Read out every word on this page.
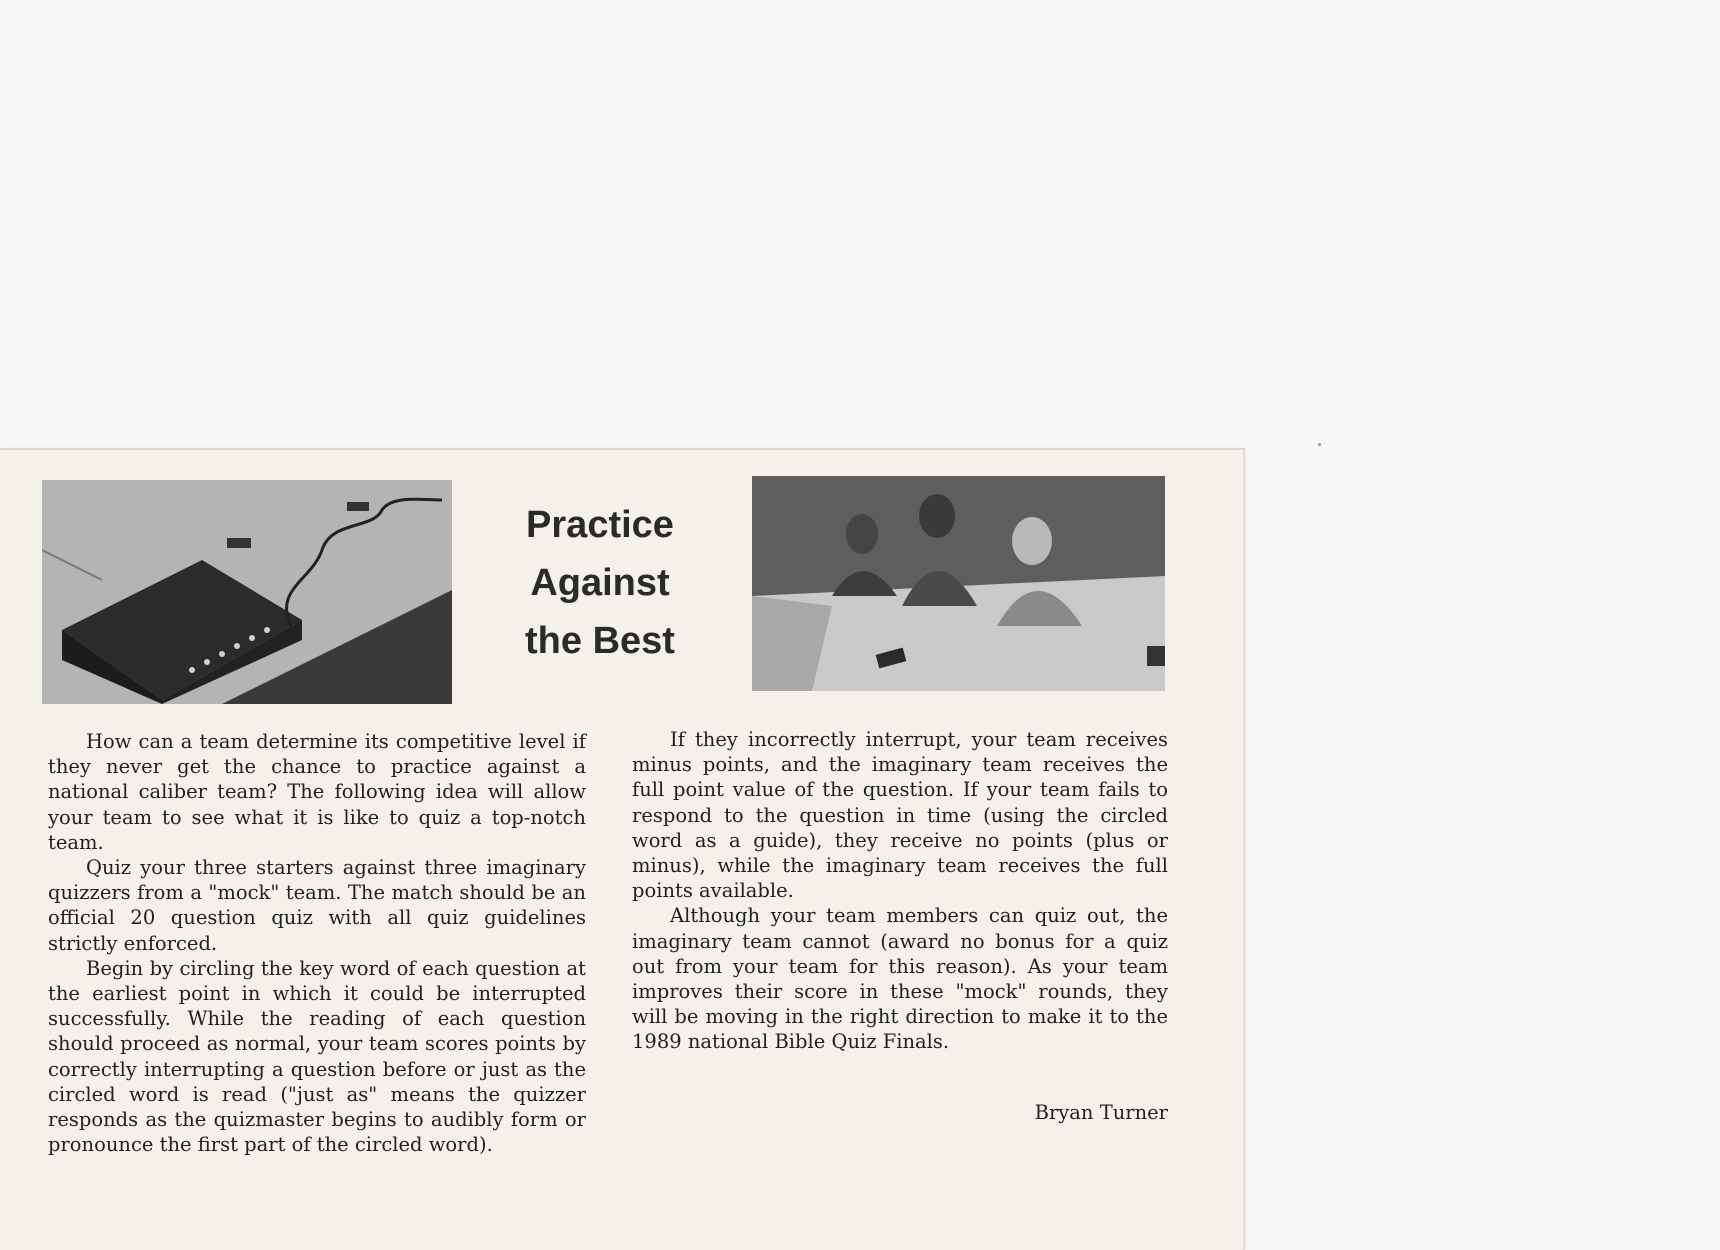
Practice
Against
the Best

How can a team determine its competitive level if they never get the chance to practice against a national caliber team? The following idea will allow your team to see what it is like to quiz a top-notch team.

Quiz your three starters against three imaginary quizzers from a "mock" team. The match should be an official 20 question quiz with all quiz guidelines strictly enforced.

Begin by circling the key word of each question at the earliest point in which it could be interrupted successfully. While the reading of each question should proceed as normal, your team scores points by correctly interrupting a question before or just as the circled word is read ("just as" means the quizzer responds as the quizmaster begins to audibly form or pronounce the first part of the circled word).

If they incorrectly interrupt, your team receives minus points, and the imaginary team receives the full point value of the question. If your team fails to respond to the question in time (using the circled word as a guide), they receive no points (plus or minus), while the imaginary team receives the full points available.

Although your team members can quiz out, the imaginary team cannot (award no bonus for a quiz out from your team for this reason). As your team improves their score in these "mock" rounds, they will be moving in the right direction to make it to the 1989 national Bible Quiz Finals.

Bryan Turner
